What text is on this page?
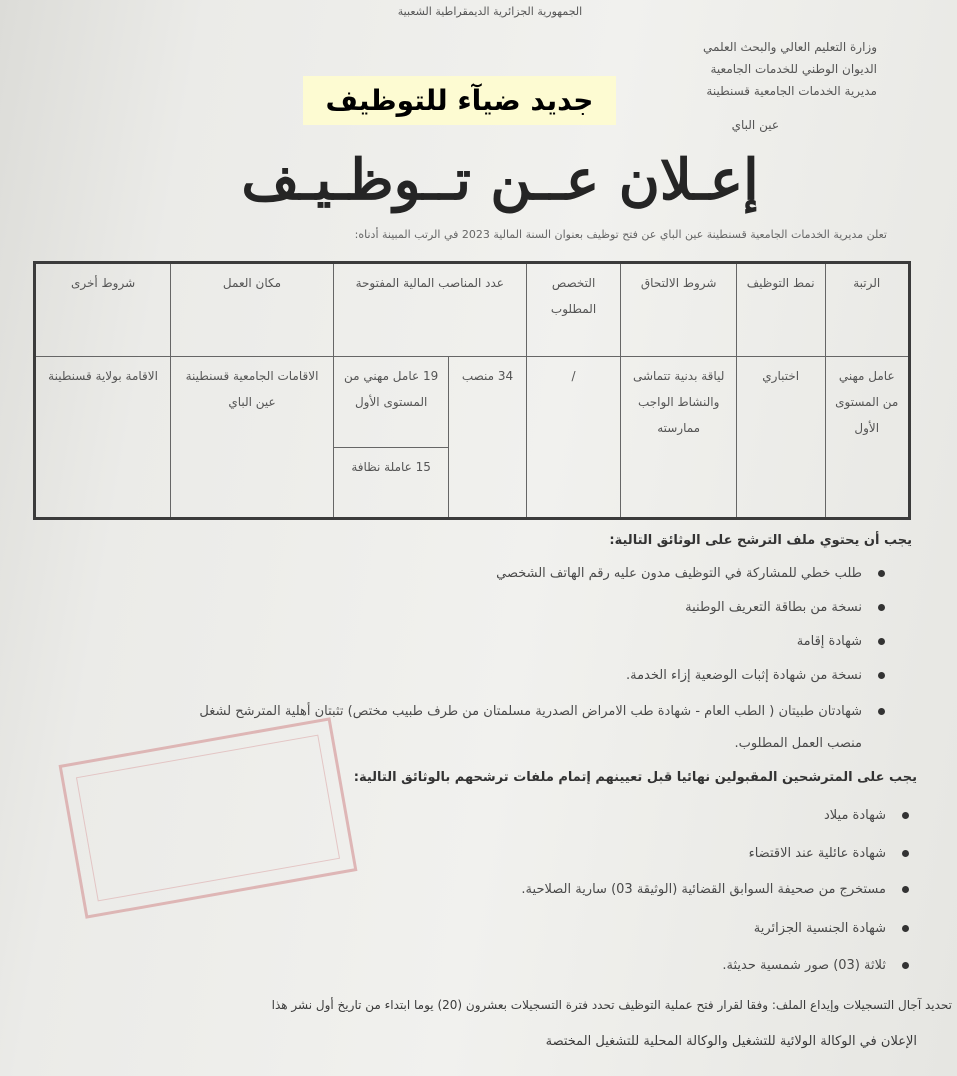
الجمهورية الجزائرية الديمقراطية الشعبية
وزارة التعليم العالي والبحث العلمي
الديوان الوطني للخدمات الجامعية
مديرية الخدمات الجامعية قسنطينة
عين الباي
جديد ضيآء للتوظيف
إعـلان عــن تــوظـيـف
تعلن مديرية الخدمات الجامعية قسنطينة عين الباي عن فتح توظيف بعنوان السنة المالية 2023 في الرتب المبينة أدناه:
الرتبة	نمط التوظيف	شروط الالتحاق	التخصص المطلوب	عدد المناصب المالية المفتوحة		مكان العمل	شروط أخرى
عامل مهني من المستوى الأول	اختباري	لياقة بدنية تتماشى والنشاط الواجب ممارسته	/	34 منصب	19 عامل مهني من المستوى الأول	الاقامات الجامعية قسنطينة عين الباي	الاقامة بولاية قسنطينة
					15 عاملة نظافة		
يجب أن يحتوي ملف الترشح على الوثائق التالية:
طلب خطي للمشاركة في التوظيف مدون عليه رقم الهاتف الشخصي
نسخة من بطاقة التعريف الوطنية
شهادة إقامة
نسخة من شهادة إثبات الوضعية إزاء الخدمة.
شهادتان طبيتان ( الطب العام - شهادة طب الامراض الصدرية مسلمتان من طرف طبيب مختص) تثبتان أهلية المترشح لشغل
منصب العمل المطلوب.
يجب على المترشحين المقبولين نهائيا قبل تعيينهم إتمام ملفات ترشحهم بالوثائق التالية:
شهادة ميلاد
شهادة عائلية عند الاقتضاء
مستخرج من صحيفة السوابق القضائية (الوثيقة 03) سارية الصلاحية.
شهادة الجنسية الجزائرية
ثلاثة (03) صور شمسية حديثة.
تحديد آجال التسجيلات وإيداع الملف: وفقا لقرار فتح عملية التوظيف تحدد فترة التسجيلات بعشرون (20) يوما ابتداء من تاريخ أول نشر هذا
الإعلان في الوكالة الولائية للتشغيل والوكالة المحلية للتشغيل المختصة
